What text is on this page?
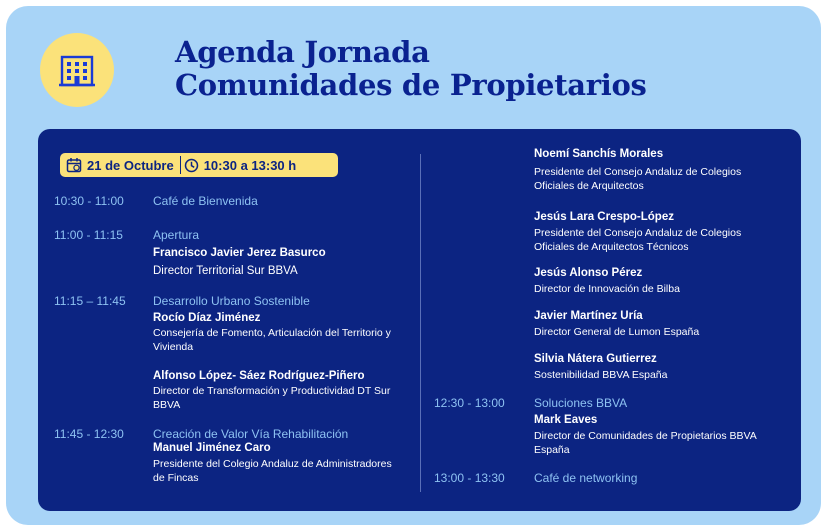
Agenda Jornada
Comunidades de Propietarios
21 de Octubre 10:30 a 13:30 h
10:30 - 11:00 Café de Bienvenida
11:00 - 11:15	Apertura
Francisco Javier Jerez Basurco
Director Territorial Sur BBVA
11:15 – 11:45 Desarrollo Urbano Sostenible
Rocío Díaz Jiménez
Consejería de Fomento, Articulación del Territorio y
Vivienda
Alfonso López- Sáez Rodríguez-Piñero
Director de Transformación y Productividad DT Sur
BBVA
11:45 - 12:30 Creación de Valor Vía Rehabilitación
Manuel Jiménez Caro
Presidente del Colegio Andaluz de Administradores
de Fincas
Noemí Sanchís Morales
Presidente del Consejo Andaluz de Colegios
Oficiales de Arquitectos
Jesús Lara Crespo-López
Presidente del Consejo Andaluz de Colegios
Oficiales de Arquitectos Técnicos
Jesús Alonso Pérez
Director de Innovación de Bilba
Javier Martínez Uría
Director General de Lumon España
Silvia Nátera Gutierrez
Sostenibilidad BBVA España
12:30 - 13:00 Soluciones BBVA
Mark Eaves
Director de Comunidades de Propietarios BBVA
España
13:00 - 13:30 Café de networking
